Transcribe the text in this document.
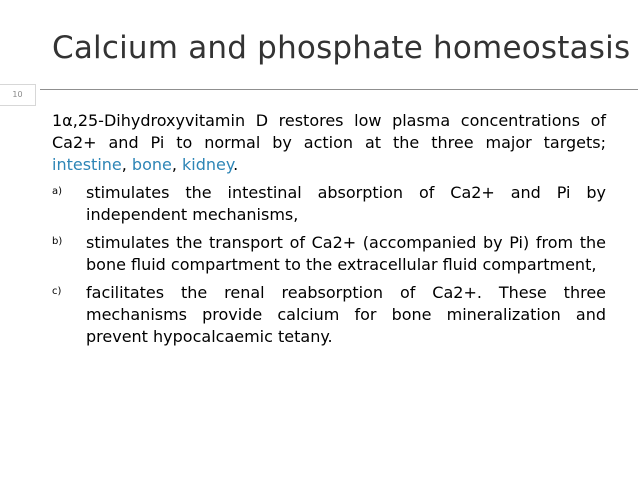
Calcium and phosphate homeostasis
10

1α,25-Dihydroxyvitamin D restores low plasma concentrations of Ca2+ and Pi to normal by action at the three major targets; intestine, bone, kidney.

a) stimulates the intestinal absorption of Ca2+ and Pi by independent mechanisms,
b) stimulates the transport of Ca2+ (accompanied by Pi) from the bone fluid compartment to the extracellular fluid compartment,
c) facilitates the renal reabsorption of Ca2+. These three mechanisms provide calcium for bone mineralization and prevent hypocalcaemic tetany.
